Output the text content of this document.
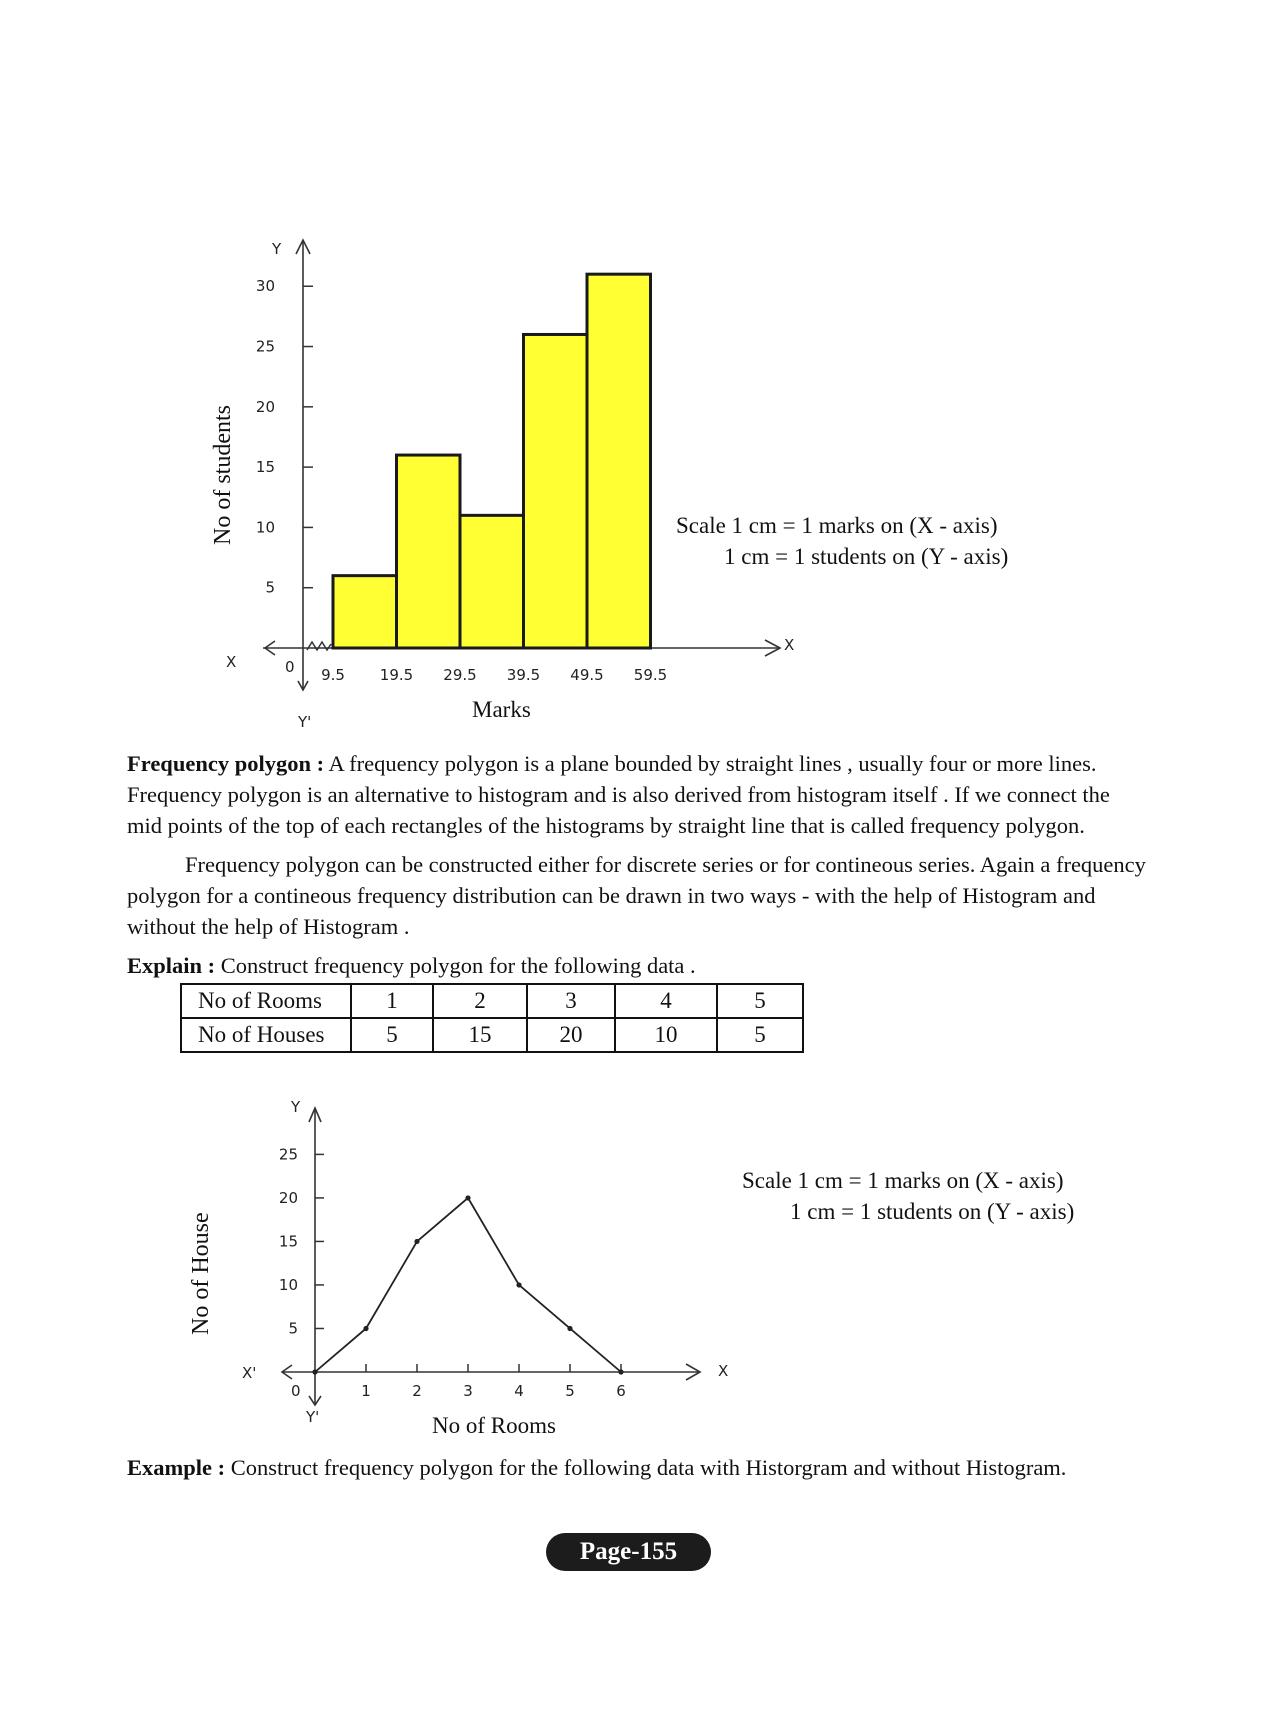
No of students
Y
X
X
Y'
0
5
10
15
20
25
30
9.5 19.5 29.5 39.5 49.5 59.5
Marks
Scale 1 cm = 1 marks on (X - axis)
1 cm = 1 students on (Y - axis)
Frequency polygon : A frequency polygon is a plane bounded by straight lines , usually four or more lines. Frequency polygon is an alternative to histogram and is also derived from histogram itself . If we connect the mid points of the top of each rectangles of the histograms by straight line that is called frequency polygon.
Frequency polygon can be constructed either for discrete series or for contineous series. Again a frequency polygon for a contineous frequency distribution can be drawn in two ways - with the help of Histogram and without the help of Histogram .
Explain : Construct frequency polygon for the following data .
No of Rooms	1	2	3	4	5
No of Houses	5	15	20	10	5
No of House
Y
X
X'
Y'
0
5
10
15
20
25
1	2	3	4	5	6
No of Rooms
Scale 1 cm = 1 marks on (X - axis)
1 cm = 1 students on (Y - axis)
Example : Construct frequency polygon for the following data with Historgram and without Histogram.
Page-155
